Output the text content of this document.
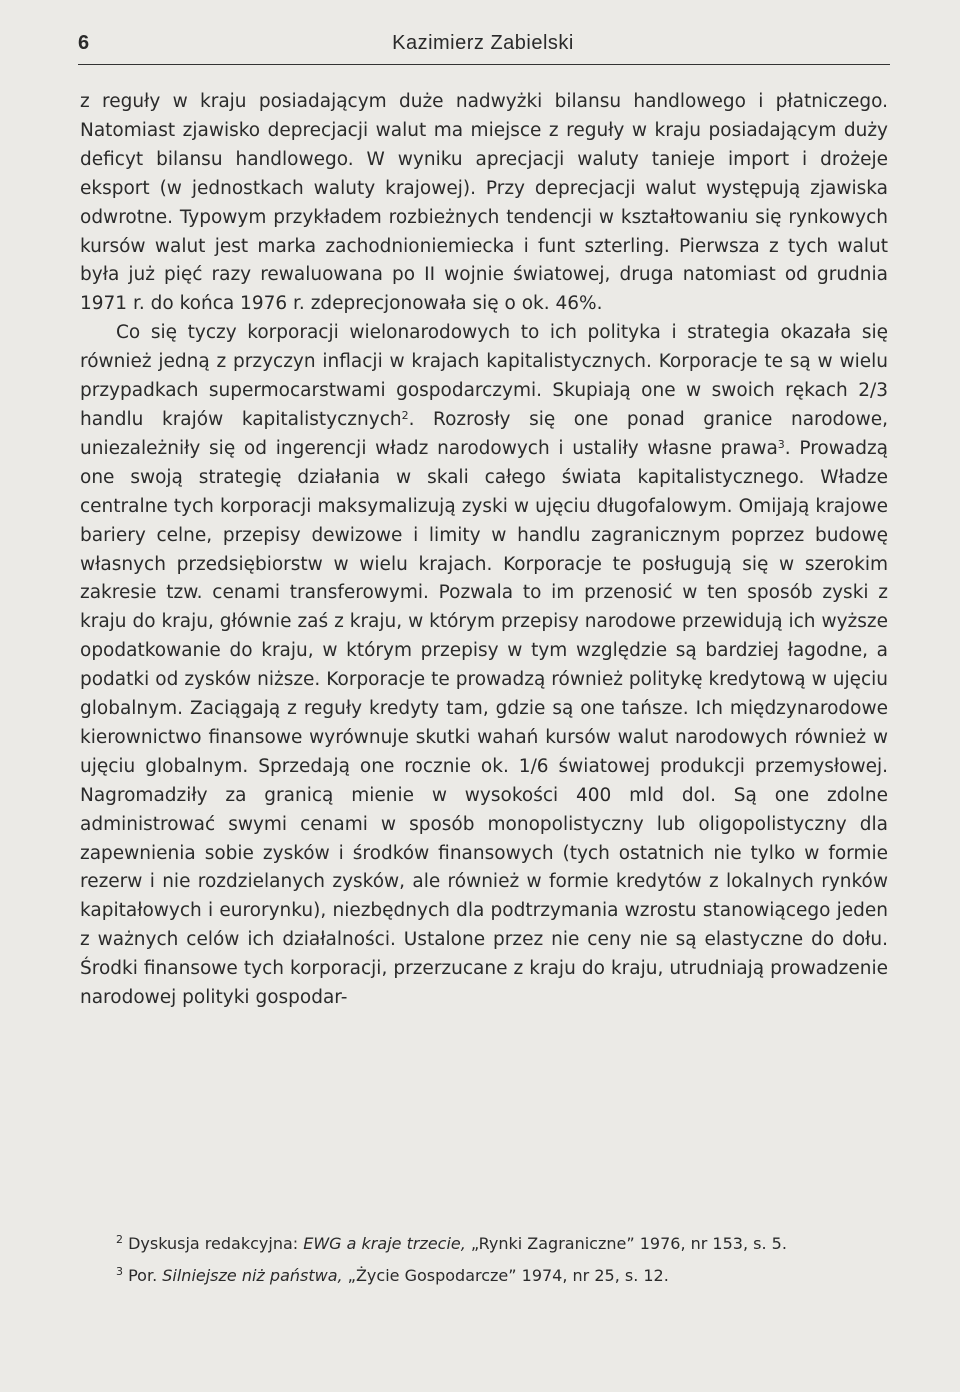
6	Kazimierz Zabielski

z reguły w kraju posiadającym duże nadwyżki bilansu handlowego i płatniczego. Natomiast zjawisko deprecjacji walut ma miejsce z reguły w kraju posiadającym duży deficyt bilansu handlowego. W wyniku aprecjacji waluty tanieje import i drożeje eksport (w jednostkach waluty krajowej). Przy deprecjacji walut występują zjawiska odwrotne. Typowym przykładem rozbieżnych tendencji w kształtowaniu się rynkowych kursów walut jest marka zachodnioniemiecka i funt szterling. Pierwsza z tych walut była już pięć razy rewaluowana po II wojnie światowej, druga natomiast od grudnia 1971 r. do końca 1976 r. zdeprecjonowała się o ok. 46%.

Co się tyczy korporacji wielonarodowych to ich polityka i strategia okazała się również jedną z przyczyn inflacji w krajach kapitalistycznych. Korporacje te są w wielu przypadkach supermocarstwami gospodarczymi. Skupiają one w swoich rękach 2/3 handlu krajów kapitalistycznych$^2$. Rozrosły się one ponad granice narodowe, uniezależniły się od ingerencji władz narodowych i ustaliły własne prawa$^3$. Prowadzą one swoją strategię działania w skali całego świata kapitalistycznego. Władze centralne tych korporacji maksymalizują zyski w ujęciu długofalowym. Omijają krajowe bariery celne, przepisy dewizowe i limity w handlu zagranicznym poprzez budowę własnych przedsiębiorstw w wielu krajach. Korporacje te posługują się w szerokim zakresie tzw. cenami transferowymi. Pozwala to im przenosić w ten sposób zyski z kraju do kraju, głównie zaś z kraju, w którym przepisy narodowe przewidują ich wyższe opodatkowanie do kraju, w którym przepisy w tym względzie są bardziej łagodne, a podatki od zysków niższe. Korporacje te prowadzą również politykę kredytową w ujęciu globalnym. Zaciągają z reguły kredyty tam, gdzie są one tańsze. Ich międzynarodowe kierownictwo finansowe wyrównuje skutki wahań kursów walut narodowych również w ujęciu globalnym. Sprzedają one rocznie ok. 1/6 światowej produkcji przemysłowej. Nagromadziły za granicą mienie w wysokości 400 mld dol. Są one zdolne administrować swymi cenami w sposób monopolistyczny lub oligopolistyczny dla zapewnienia sobie zysków i środków finansowych (tych ostatnich nie tylko w formie rezerw i nie rozdzielanych zysków, ale również w formie kredytów z lokalnych rynków kapitałowych i eurorynku), niezbędnych dla podtrzymania wzrostu stanowiącego jeden z ważnych celów ich działalności. Ustalone przez nie ceny nie są elastyczne do dołu. Środki finansowe tych korporacji, przerzucane z kraju do kraju, utrudniają prowadzenie narodowej polityki gospodar-

$^2$ Dyskusja redakcyjna: EWG a kraje trzecie, „Rynki Zagraniczne” 1976, nr 153, s. 5.

$^3$ Por. Silniejsze niż państwa, „Życie Gospodarcze” 1974, nr 25, s. 12.
